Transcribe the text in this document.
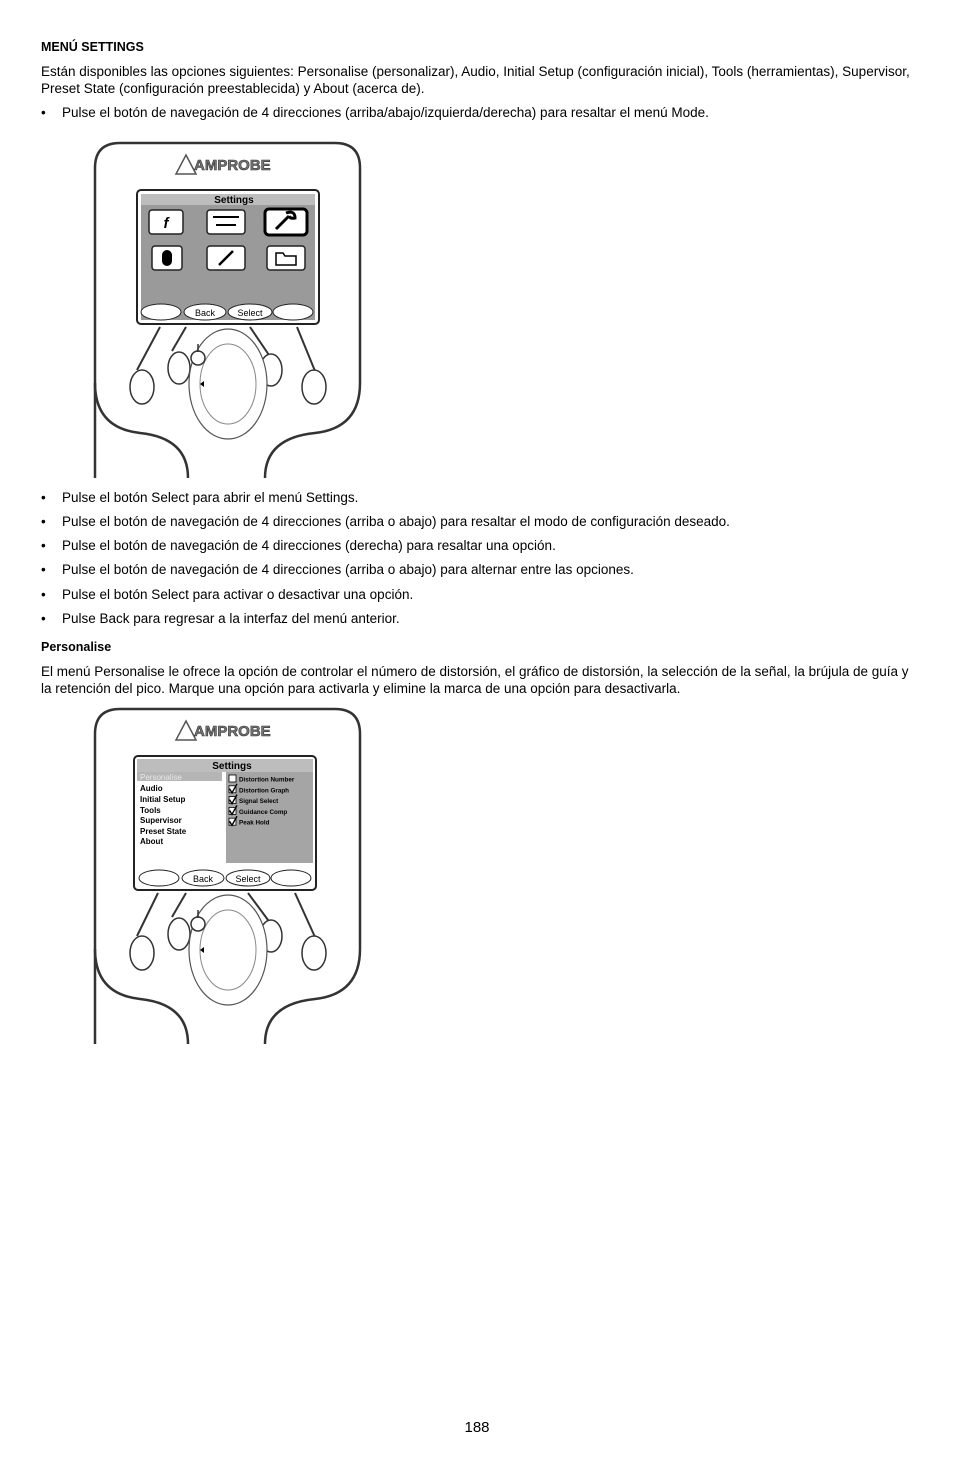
MENÚ SETTINGS
Están disponibles las opciones siguientes: Personalise (personalizar), Audio, Initial Setup (configuración inicial), Tools (herramientas), Supervisor, Preset State (configuración preestablecida) y About (acerca de).
• Pulse el botón de navegación de 4 direcciones (arriba/abajo/izquierda/derecha) para resaltar el menú Mode.
AMPROBE
Settings
f
Back Select
• Pulse el botón Select para abrir el menú Settings.
• Pulse el botón de navegación de 4 direcciones (arriba o abajo) para resaltar el modo de configuración deseado.
• Pulse el botón de navegación de 4 direcciones (derecha) para resaltar una opción.
• Pulse el botón de navegación de 4 direcciones (arriba o abajo) para alternar entre las opciones.
• Pulse el botón Select para activar o desactivar una opción.
• Pulse Back para regresar a la interfaz del menú anterior.
Personalise
El menú Personalise le ofrece la opción de controlar el número de distorsión, el gráfico de distorsión, la selección de la señal, la brújula de guía y la retención del pico. Marque una opción para activarla y elimine la marca de una opción para desactivarla.
AMPROBE
Settings
Personalise
Audio
Initial Setup
Tools
Supervisor
Preset State
About
Distortion Number
Distortion Graph
Signal Select
Guidance Comp
Peak Hold
Back Select
188
